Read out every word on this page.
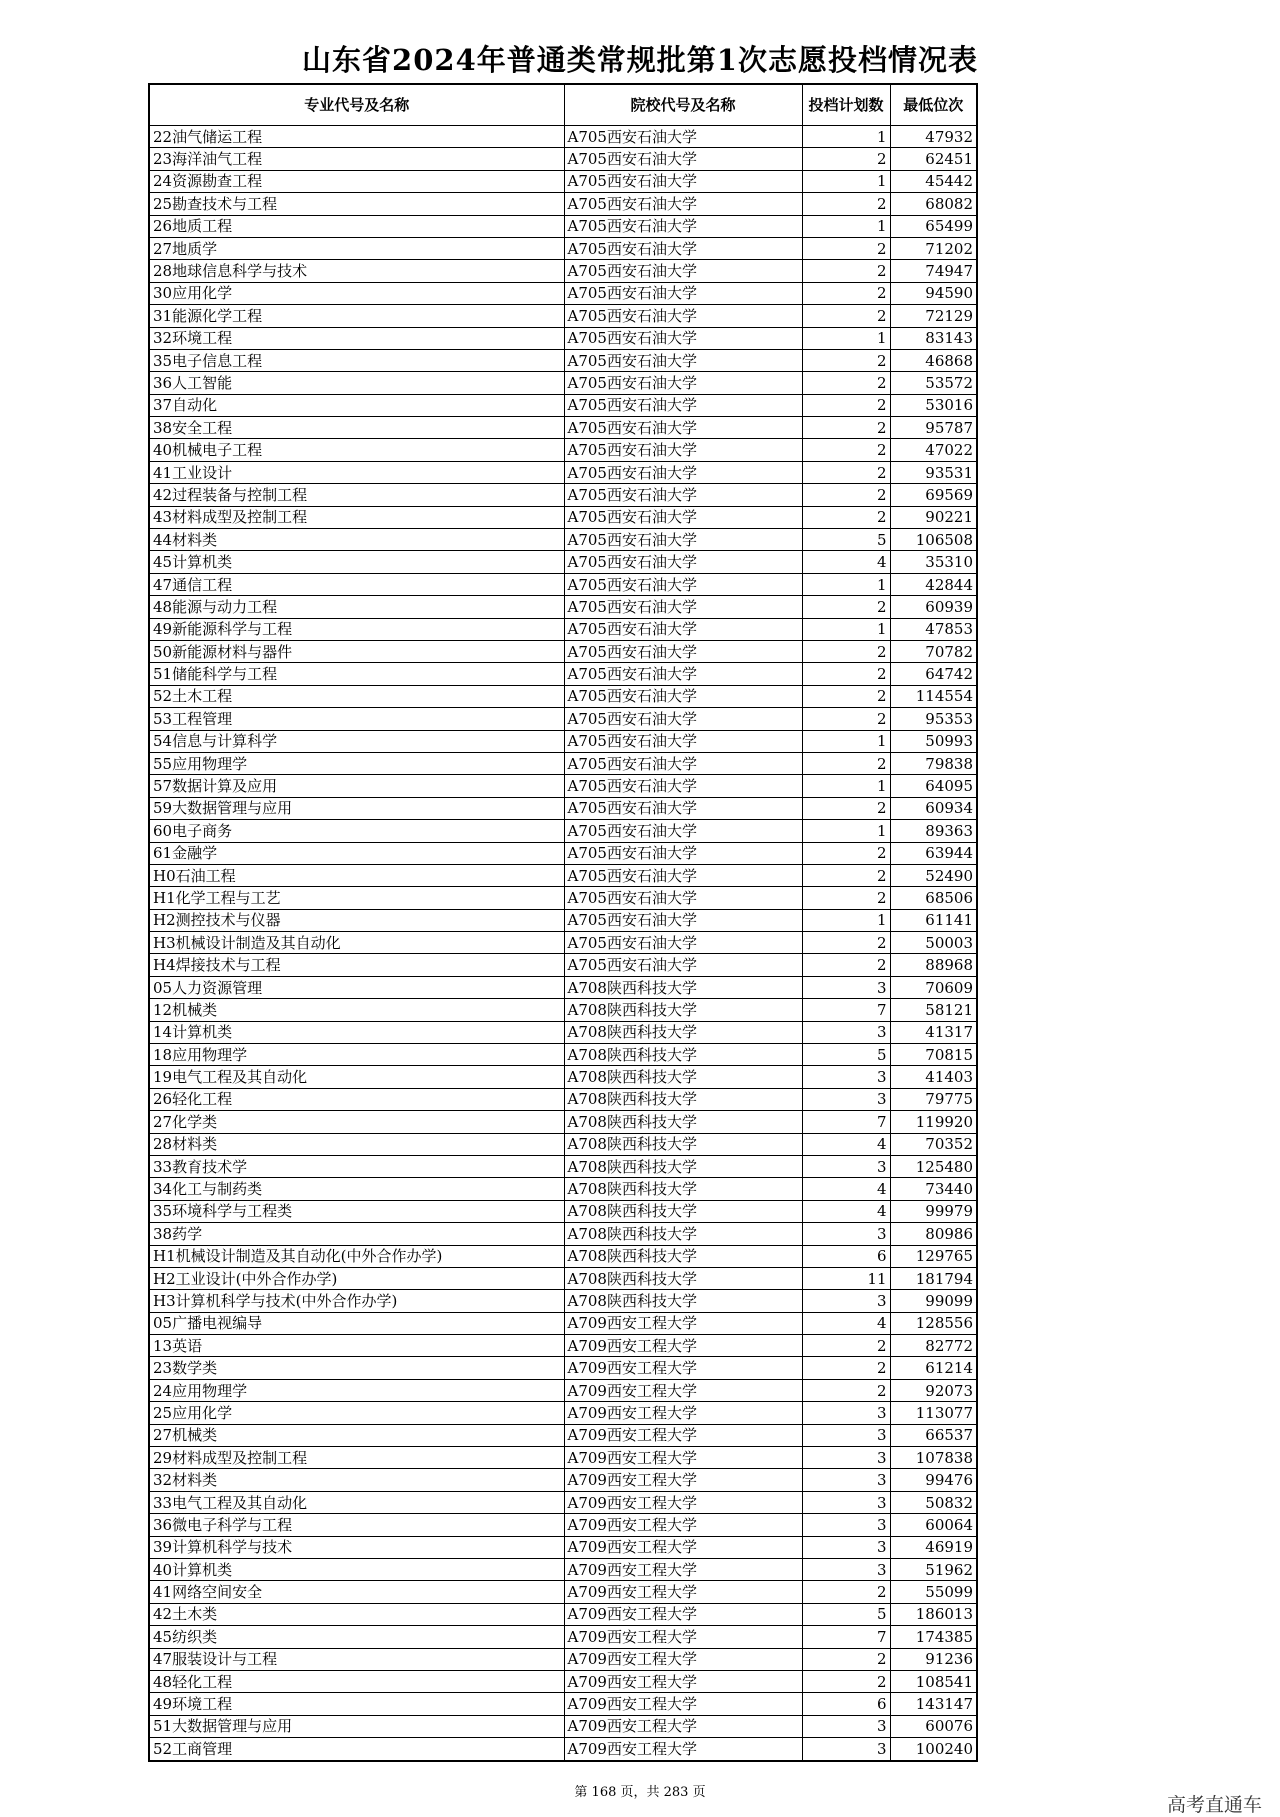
山东省2024年普通类常规批第1次志愿投档情况表
专业代号及名称	院校代号及名称	投档计划数	最低位次
22油气储运工程	A705西安石油大学	1	47932
23海洋油气工程	A705西安石油大学	2	62451
24资源勘查工程	A705西安石油大学	1	45442
25勘查技术与工程	A705西安石油大学	2	68082
26地质工程	A705西安石油大学	1	65499
27地质学	A705西安石油大学	2	71202
28地球信息科学与技术	A705西安石油大学	2	74947
30应用化学	A705西安石油大学	2	94590
31能源化学工程	A705西安石油大学	2	72129
32环境工程	A705西安石油大学	1	83143
35电子信息工程	A705西安石油大学	2	46868
36人工智能	A705西安石油大学	2	53572
37自动化	A705西安石油大学	2	53016
38安全工程	A705西安石油大学	2	95787
40机械电子工程	A705西安石油大学	2	47022
41工业设计	A705西安石油大学	2	93531
42过程装备与控制工程	A705西安石油大学	2	69569
43材料成型及控制工程	A705西安石油大学	2	90221
44材料类	A705西安石油大学	5	106508
45计算机类	A705西安石油大学	4	35310
47通信工程	A705西安石油大学	1	42844
48能源与动力工程	A705西安石油大学	2	60939
49新能源科学与工程	A705西安石油大学	1	47853
50新能源材料与器件	A705西安石油大学	2	70782
51储能科学与工程	A705西安石油大学	2	64742
52土木工程	A705西安石油大学	2	114554
53工程管理	A705西安石油大学	2	95353
54信息与计算科学	A705西安石油大学	1	50993
55应用物理学	A705西安石油大学	2	79838
57数据计算及应用	A705西安石油大学	1	64095
59大数据管理与应用	A705西安石油大学	2	60934
60电子商务	A705西安石油大学	1	89363
61金融学	A705西安石油大学	2	63944
H0石油工程	A705西安石油大学	2	52490
H1化学工程与工艺	A705西安石油大学	2	68506
H2测控技术与仪器	A705西安石油大学	1	61141
H3机械设计制造及其自动化	A705西安石油大学	2	50003
H4焊接技术与工程	A705西安石油大学	2	88968
05人力资源管理	A708陕西科技大学	3	70609
12机械类	A708陕西科技大学	7	58121
14计算机类	A708陕西科技大学	3	41317
18应用物理学	A708陕西科技大学	5	70815
19电气工程及其自动化	A708陕西科技大学	3	41403
26轻化工程	A708陕西科技大学	3	79775
27化学类	A708陕西科技大学	7	119920
28材料类	A708陕西科技大学	4	70352
33教育技术学	A708陕西科技大学	3	125480
34化工与制药类	A708陕西科技大学	4	73440
35环境科学与工程类	A708陕西科技大学	4	99979
38药学	A708陕西科技大学	3	80986
H1机械设计制造及其自动化(中外合作办学)	A708陕西科技大学	6	129765
H2工业设计(中外合作办学)	A708陕西科技大学	11	181794
H3计算机科学与技术(中外合作办学)	A708陕西科技大学	3	99099
05广播电视编导	A709西安工程大学	4	128556
13英语	A709西安工程大学	2	82772
23数学类	A709西安工程大学	2	61214
24应用物理学	A709西安工程大学	2	92073
25应用化学	A709西安工程大学	3	113077
27机械类	A709西安工程大学	3	66537
29材料成型及控制工程	A709西安工程大学	3	107838
32材料类	A709西安工程大学	3	99476
33电气工程及其自动化	A709西安工程大学	3	50832
36微电子科学与工程	A709西安工程大学	3	60064
39计算机科学与技术	A709西安工程大学	3	46919
40计算机类	A709西安工程大学	3	51962
41网络空间安全	A709西安工程大学	2	55099
42土木类	A709西安工程大学	5	186013
45纺织类	A709西安工程大学	7	174385
47服装设计与工程	A709西安工程大学	2	91236
48轻化工程	A709西安工程大学	2	108541
49环境工程	A709西安工程大学	6	143147
51大数据管理与应用	A709西安工程大学	3	60076
52工商管理	A709西安工程大学	3	100240
第 168 页，共 283 页
高考直通车
